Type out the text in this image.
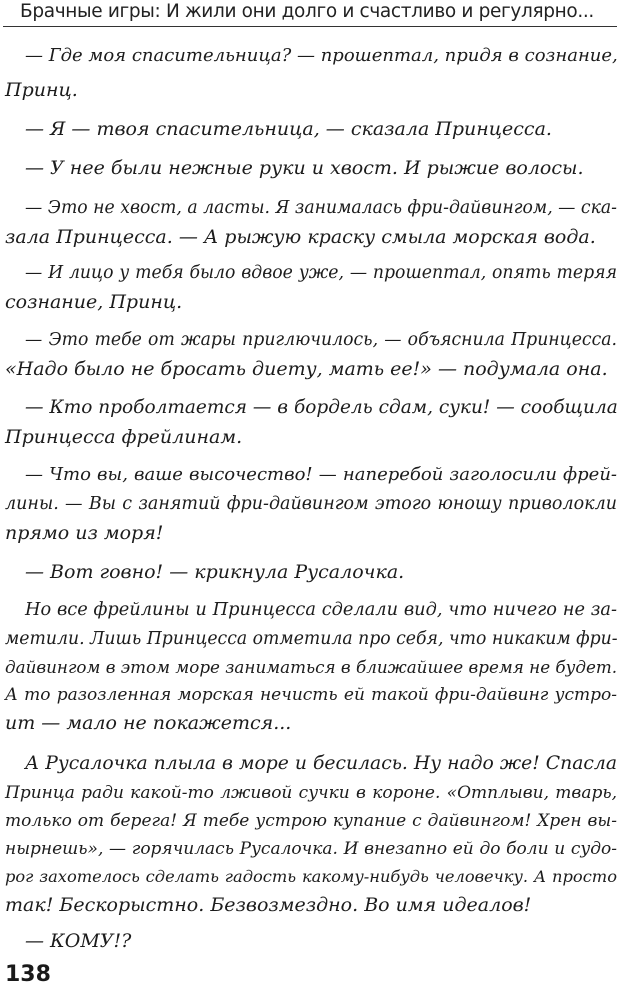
Брачные игры: И жили они долго и счастливо и регулярно...
— Где моя спасительница? — прошептал, придя в сознание,
Принц.
— Я — твоя спасительница, — сказала Принцесса.
— У нее были нежные руки и хвост. И рыжие волосы.
— Это не хвост, а ласты. Я занималась фри-дайвингом, — ска-
зала Принцесса. — А рыжую краску смыла морская вода.
— И лицо у тебя было вдвое уже, — прошептал, опять теряя
сознание, Принц.
— Это тебе от жары приглючилось, — объяснила Принцесса.
«Надо было не бросать диету, мать ее!» — подумала она.
— Кто проболтается — в бордель сдам, суки! — сообщила
Принцесса фрейлинам.
— Что вы, ваше высочество! — наперебой заголосили фрей-
лины. — Вы с занятий фри-дайвингом этого юношу приволокли
прямо из моря!
— Вот говно! — крикнула Русалочка.
Но все фрейлины и Принцесса сделали вид, что ничего не за-
метили. Лишь Принцесса отметила про себя, что никаким фри-
дайвингом в этом море заниматься в ближайшее время не будет.
А то разозленная морская нечисть ей такой фри-дайвинг устро-
ит — мало не покажется...
А Русалочка плыла в море и бесилась. Ну надо же! Спасла
Принца ради какой-то лживой сучки в короне. «Отплыви, тварь,
только от берега! Я тебе устрою купание с дайвингом! Хрен вы-
нырнешь», — горячилась Русалочка. И внезапно ей до боли и судо-
рог захотелось сделать гадость какому-нибудь человечку. А просто
так! Бескорыстно. Безвозмездно. Во имя идеалов!
— КОМУ!?
138
